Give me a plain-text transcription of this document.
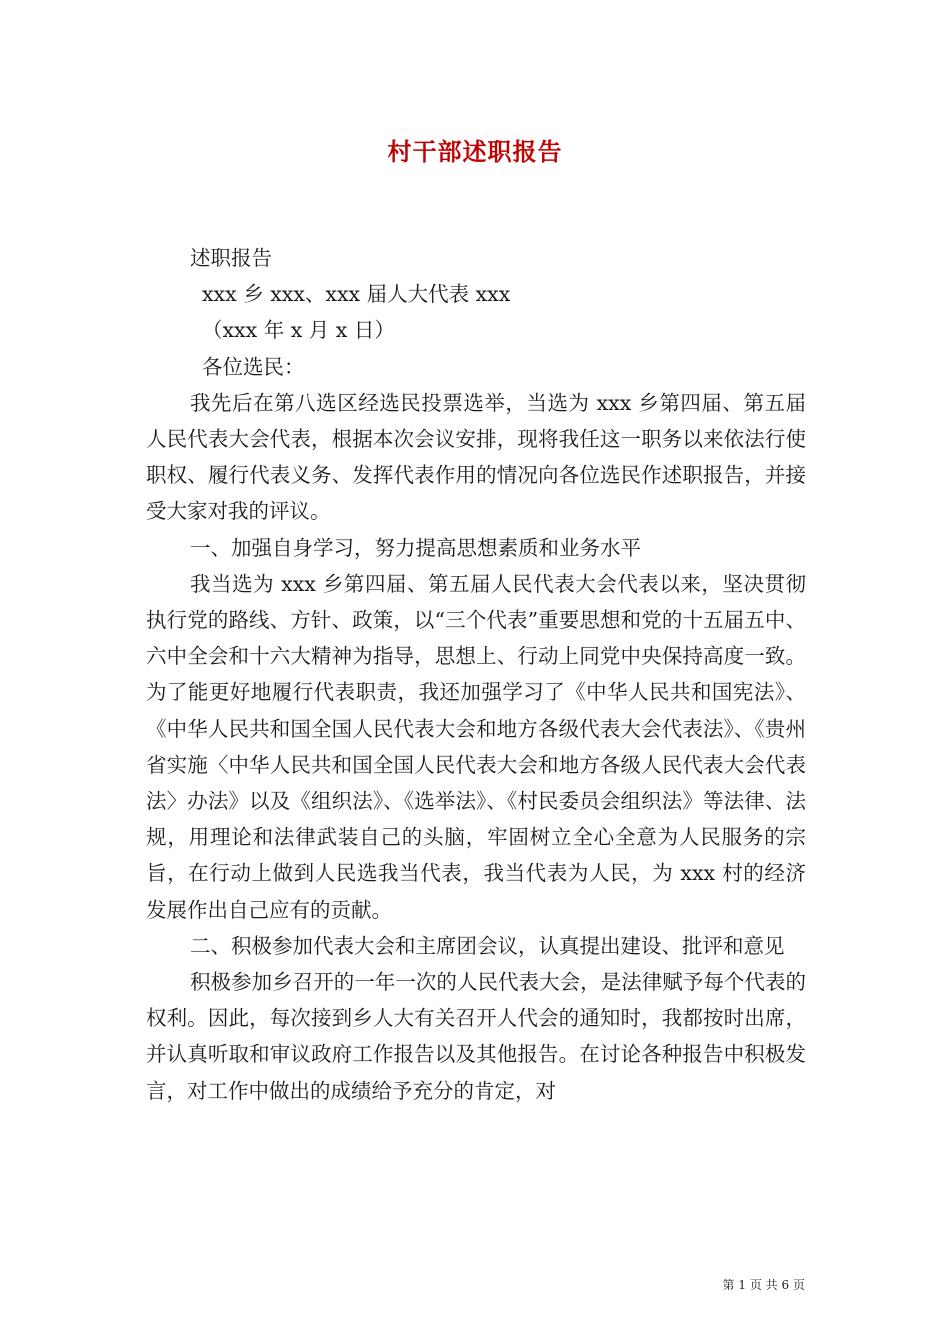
村干部述职报告

述职报告

xxx 乡 xxx、xxx 届人大代表 xxx

（xxx 年 x 月 x 日）

各位选民：

我先后在第八选区经选民投票选举，当选为 xxx 乡第四届、第五届人民代表大会代表，根据本次会议安排，现将我任这一职务以来依法行使职权、履行代表义务、发挥代表作用的情况向各位选民作述职报告，并接受大家对我的评议。

一、加强自身学习，努力提高思想素质和业务水平

我当选为 xxx 乡第四届、第五届人民代表大会代表以来，坚决贯彻执行党的路线、方针、政策，以“三个代表”重要思想和党的十五届五中、六中全会和十六大精神为指导，思想上、行动上同党中央保持高度一致。为了能更好地履行代表职责，我还加强学习了《中华人民共和国宪法》、《中华人民共和国全国人民代表大会和地方各级代表大会代表法》、《贵州省实施〈中华人民共和国全国人民代表大会和地方各级人民代表大会代表法〉办法》以及《组织法》、《选举法》、《村民委员会组织法》等法律、法规，用理论和法律武装自己的头脑，牢固树立全心全意为人民服务的宗旨，在行动上做到人民选我当代表，我当代表为人民，为 xxx 村的经济发展作出自己应有的贡献。

二、积极参加代表大会和主席团会议，认真提出建设、批评和意见

积极参加乡召开的一年一次的人民代表大会，是法律赋予每个代表的权利。因此，每次接到乡人大有关召开人代会的通知时，我都按时出席，并认真听取和审议政府工作报告以及其他报告。在讨论各种报告中积极发言，对工作中做出的成绩给予充分的肯定，对

第 1 页 共 6 页
